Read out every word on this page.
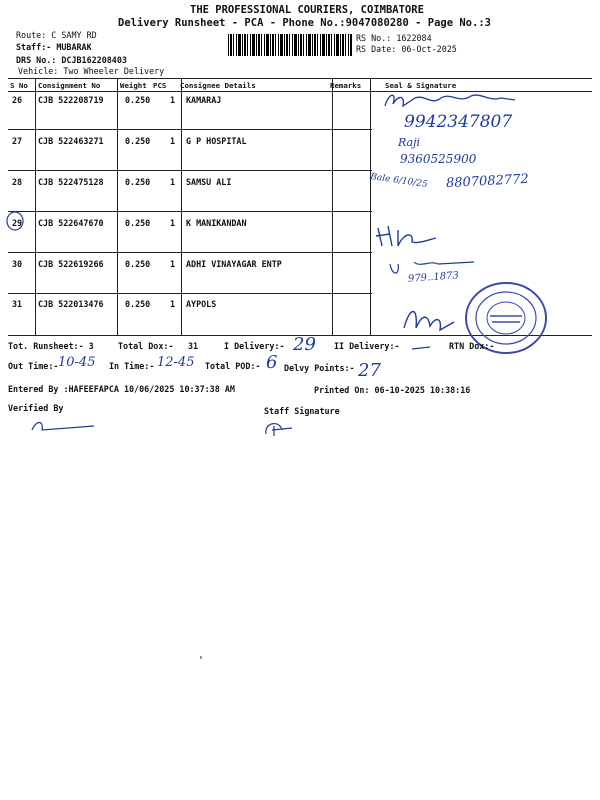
THE PROFESSIONAL COURIERS, COIMBATORE
Delivery Runsheet - PCA - Phone No.:9047080280 - Page No.:3
Route: C SAMY RD
Staff:- MUBARAK
DRS No.: DCJB162208403
Vehicle: Two Wheeler Delivery
RS No.: 1622084
RS Date: 06-Oct-2025
S No Consignment No	Weight PCS Consignee Details	Remarks	Seal & Signature
26 CJB 522208719	0.250 1 KAMARAJ
27 CJB 522463271	0.250 1 G P HOSPITAL
28 CJB 522475128	0.250 1 SAMSU ALI
29 CJB 522647670	0.250 1 K MANIKANDAN
30 CJB 522619266	0.250 1 ADHI VINAYAGAR ENTP
31 CJB 522013476	0.250 1 AYPOLS
9942347807
Raji
9360525900
Bale 6/10/25 8807082772
979..1873
Tot. Runsheet:- 3	Total Dox:- 31	I Delivery:- 29 II Delivery:-	RTN Dox:-
Out Time:- 10-45 In Time:- 12-45 Total POD:- 6 Delvy Points:- 27
Entered By :HAFEEFAPCA 10/06/2025 10:37:38 AM	Printed On: 06-10-2025 10:38:16
Verified By	Staff Signature
